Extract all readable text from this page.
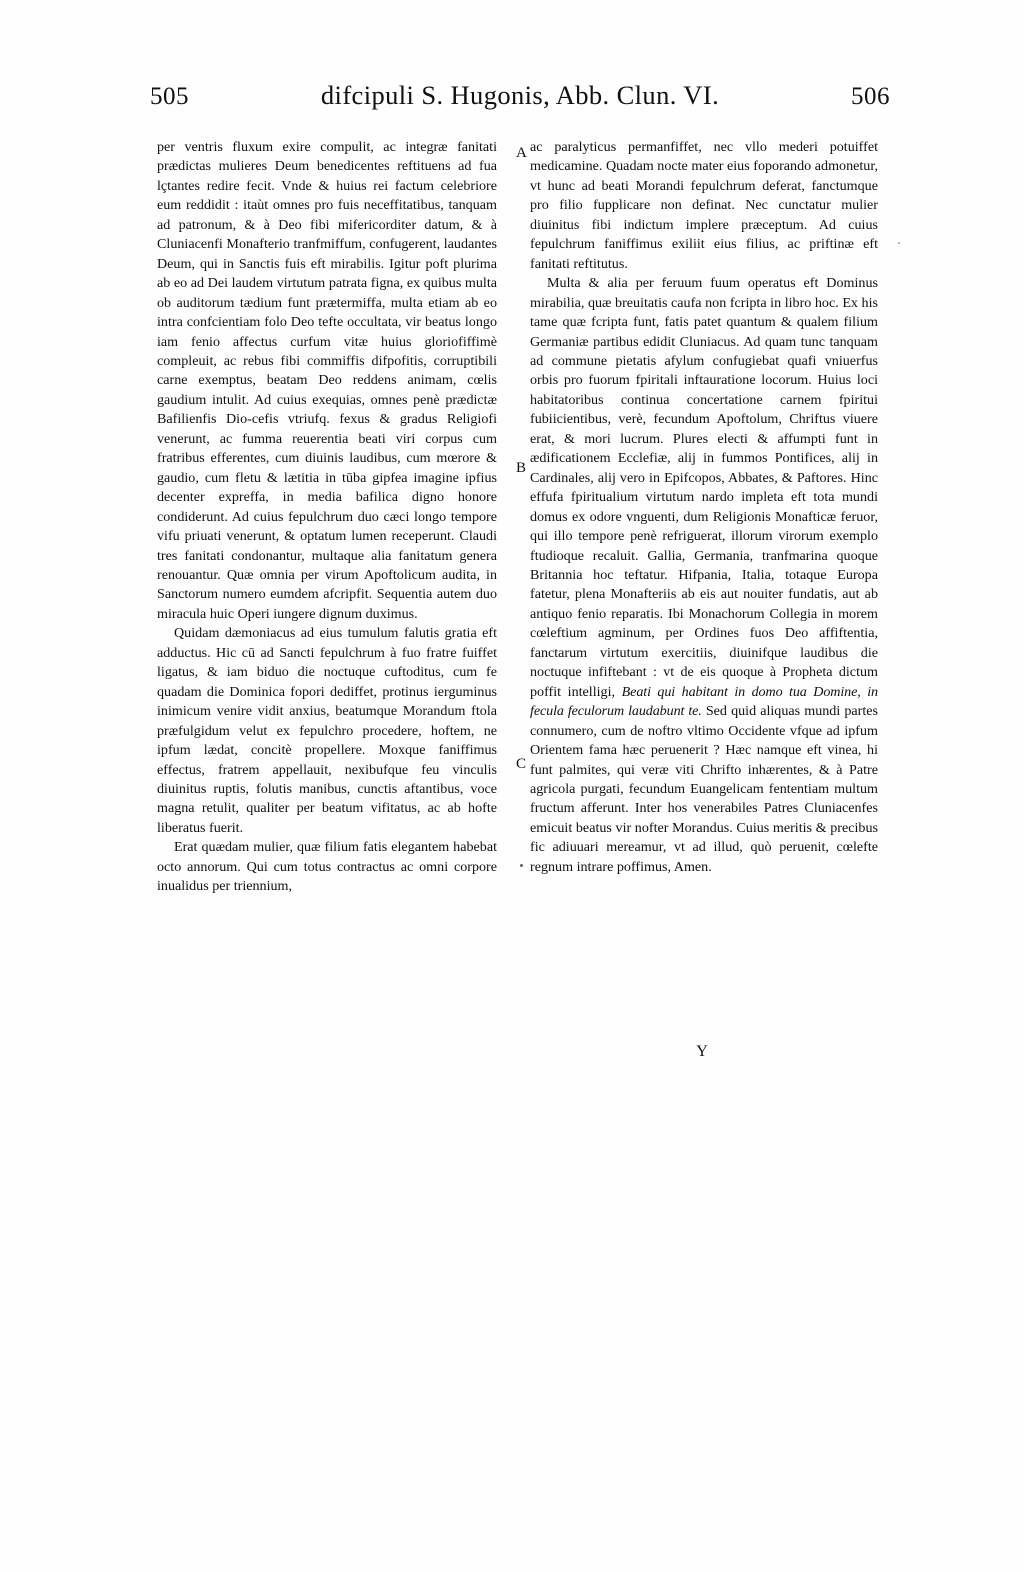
505	difcipuli S. Hugonis, Abb. Clun. VI.	506

per ventris fluxum exire compulit, ac integræ fanitati prædictas mulieres Deum benedicentes reftituens ad fua lçtantes redire fecit. Vnde & huius rei factum celebriore eum reddidit : itaùt omnes pro fuis neceffitatibus, tanquam ad patronum, & à Deo fibi mifericorditer datum, & à Cluniacenfi Monafterio tranfmiffum, confugerent, laudantes Deum, qui in Sanctis fuis eft mirabilis. Igitur poft plurima ab eo ad Dei laudem virtutum patrata figna, ex quibus multa ob auditorum tædium funt prætermiffa, multa etiam ab eo intra confcientiam folo Deo tefte occultata, vir beatus longo iam fenio affectus curfum vitæ huius gloriofiffimè compleuit, ac rebus fibi commiffis difpofitis, corruptibili carne exemptus, beatam Deo reddens animam, cœlis gaudium intulit. Ad cuius exequias, omnes penè prædictæ Bafilienfis Dio-cefis vtriufq. fexus & gradus Religiofi venerunt, ac fumma reuerentia beati viri corpus cum fratribus efferentes, cum diuinis laudibus, cum mœrore & gaudio, cum fletu & lætitia in tūba gipfea imagine ipfius decenter expreffa, in media bafilica digno honore condiderunt. Ad cuius fepulchrum duo cæci longo tempore vifu priuati venerunt, & optatum lumen receperunt. Claudi tres fanitati condonantur, multaque alia fanitatum genera renouantur. Quæ omnia per virum Apoftolicum audita, in Sanctorum numero eumdem afcripfit. Sequentia autem duo miracula huic Operi iungere dignum duximus.

Quidam dæmoniacus ad eius tumulum falutis gratia eft adductus. Hic cū ad Sancti fepulchrum à fuo fratre fuiffet ligatus, & iam biduo die noctuque cuftoditus, cum fe quadam die Dominica fopori dediffet, protinus ierguminus inimicum venire vidit anxius, beatumque Morandum ftola præfulgidum velut ex fepulchro procedere, hoftem, ne ipfum lædat, concitè propellere. Moxque faniffimus effectus, fratrem appellauit, nexibufque feu vinculis diuinitus ruptis, folutis manibus, cunctis aftantibus, voce magna retulit, qualiter per beatum vifitatus, ac ab hofte liberatus fuerit.

Erat quædam mulier, quæ filium fatis elegantem habebat octo annorum. Qui cum totus contractus ac omni corpore inualidus per triennium,

ac paralyticus permanfiffet, nec vllo mederi potuiffet medicamine. Quadam nocte mater eius foporando admonetur, vt hunc ad beati Morandi fepulchrum deferat, fanctumque pro filio fupplicare non definat. Nec cunctatur mulier diuinitus fibi indictum implere præceptum. Ad cuius fepulchrum faniffimus exiliit eius filius, ac priftinæ eft fanitati reftitutus.

Multa & alia per feruum fuum operatus eft Dominus mirabilia, quæ breuitatis caufa non fcripta in libro hoc. Ex his tame quæ fcripta funt, fatis patet quantum & qualem filium Germaniæ partibus edidit Cluniacus. Ad quam tunc tanquam ad commune pietatis afylum confugiebat quafi vniuerfus orbis pro fuorum fpiritali inftauratione locorum. Huius loci habitatoribus continua concertatione carnem fpiritui fubiicientibus, verè, fecundum Apoftolum, Chriftus viuere erat, & mori lucrum. Plures electi & affumpti funt in ædificationem Ecclefiæ, alij in fummos Pontifices, alij in Cardinales, alij vero in Epifcopos, Abbates, & Paftores. Hinc effufa fpiritualium virtutum nardo impleta eft tota mundi domus ex odore vnguenti, dum Religionis Monafticæ feruor, qui illo tempore penè refriguerat, illorum virorum exemplo ftudioque recaluit. Gallia, Germania, tranfmarina quoque Britannia hoc teftatur. Hifpania, Italia, totaque Europa fatetur, plena Monafteriis ab eis aut nouiter fundatis, aut ab antiquo fenio reparatis. Ibi Monachorum Collegia in morem cœleftium agminum, per Ordines fuos Deo affiftentia, fanctarum virtutum exercitiis, diuinifque laudibus die noctuque infiftebant : vt de eis quoque à Propheta dictum poffit intelligi, Beati qui habitant in domo tua Domine, in fecula feculorum laudabunt te. Sed quid aliquas mundi partes connumero, cum de noftro vltimo Occidente vfque ad ipfum Orientem fama hæc peruenerit ? Hæc namque eft vinea, hi funt palmites, qui veræ viti Chrifto inhærentes, & à Patre agricola purgati, fecundum Euangelicam fententiam multum fructum afferunt. Inter hos venerabiles Patres Cluniacenfes emicuit beatus vir nofter Morandus. Cuius meritis & precibus fic adiuuari mereamur, vt ad illud, quò peruenit, cœlefte regnum intrare poffimus, Amen.

A
B
C
Y
